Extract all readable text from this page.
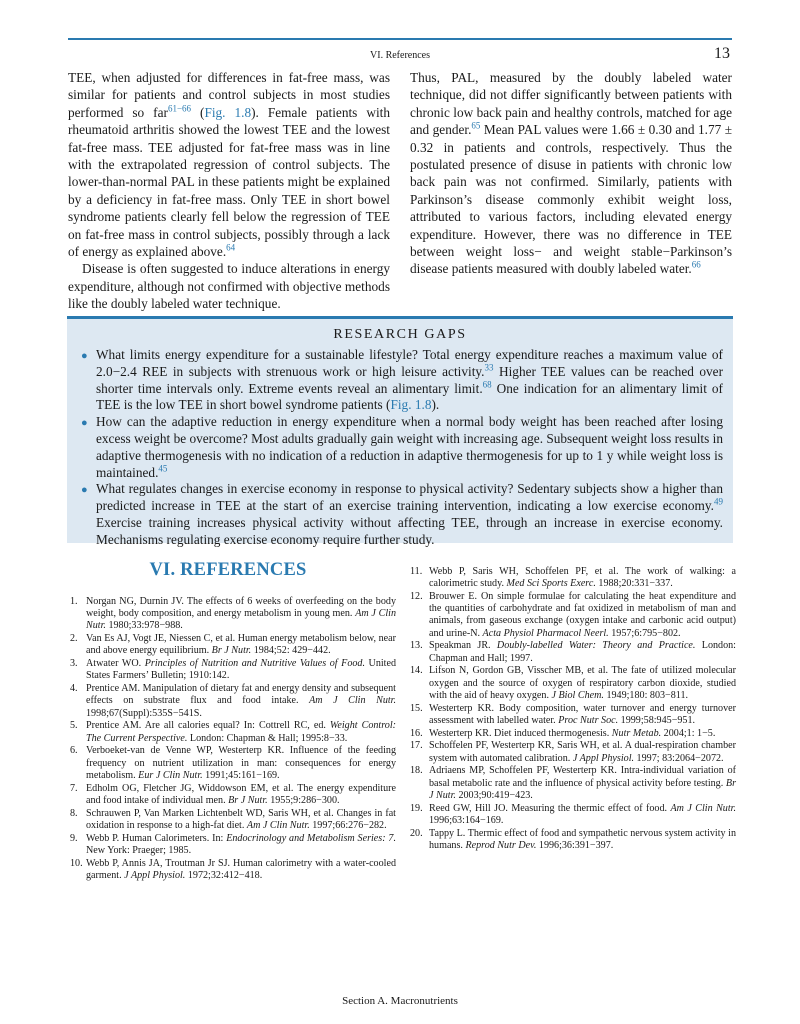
VI. References	13

TEE, when adjusted for differences in fat-free mass, was similar for patients and control subjects in most studies performed so far$^{61-66}$ (Fig. 1.8). Female patients with rheumatoid arthritis showed the lowest TEE and the lowest fat-free mass. TEE adjusted for fat-free mass was in line with the extrapolated regression of control subjects. The lower-than-normal PAL in these patients might be explained by a deficiency in fat-free mass. Only TEE in short bowel syndrome patients clearly fell below the regression of TEE on fat-free mass in control subjects, possibly through a lack of energy as explained above.$^{64}$

Disease is often suggested to induce alterations in energy expenditure, although not confirmed with objective methods like the doubly labeled water technique.

Thus, PAL, measured by the doubly labeled water technique, did not differ significantly between patients with chronic low back pain and healthy controls, matched for age and gender.$^{65}$ Mean PAL values were 1.66 ± 0.30 and 1.77 ± 0.32 in patients and controls, respectively. Thus the postulated presence of disuse in patients with chronic low back pain was not confirmed. Similarly, patients with Parkinson’s disease commonly exhibit weight loss, attributed to various factors, including elevated energy expenditure. However, there was no difference in TEE between weight loss− and weight stable−Parkinson’s disease patients measured with doubly labeled water.$^{66}$

RESEARCH GAPS
● What limits energy expenditure for a sustainable lifestyle? Total energy expenditure reaches a maximum value of 2.0−2.4 REE in subjects with strenuous work or high leisure activity.$^{33}$ Higher TEE values can be reached over shorter time intervals only. Extreme events reveal an alimentary limit.$^{68}$ One indication for an alimentary limit of TEE is the low TEE in short bowel syndrome patients (Fig. 1.8).
● How can the adaptive reduction in energy expenditure when a normal body weight has been reached after losing excess weight be overcome? Most adults gradually gain weight with increasing age. Subsequent weight loss results in adaptive thermogenesis with no indication of a reduction in adaptive thermogenesis for up to 1 y while weight loss is maintained.$^{45}$
● What regulates changes in exercise economy in response to physical activity? Sedentary subjects show a higher than predicted increase in TEE at the start of an exercise training intervention, indicating a low exercise economy.$^{49}$ Exercise training increases physical activity without affecting TEE, through an increase in exercise economy. Mechanisms regulating exercise economy require further study.
VI. REFERENCES
1. Norgan NG, Durnin JV. The effects of 6 weeks of overfeeding on the body weight, body composition, and energy metabolism in young men. Am J Clin Nutr. 1980;33:978−988.
2. Van Es AJ, Vogt JE, Niessen C, et al. Human energy metabolism below, near and above energy equilibrium. Br J Nutr. 1984;52: 429−442.
3. Atwater WO. Principles of Nutrition and Nutritive Values of Food. United States Farmers’ Bulletin; 1910:142.
4. Prentice AM. Manipulation of dietary fat and energy density and subsequent effects on substrate flux and food intake. Am J Clin Nutr. 1998;67(Suppl):535S−541S.
5. Prentice AM. Are all calories equal? In: Cottrell RC, ed. Weight Control: The Current Perspective. London: Chapman & Hall; 1995:8−33.
6. Verboeket-van de Venne WP, Westerterp KR. Influence of the feeding frequency on nutrient utilization in man: consequences for energy metabolism. Eur J Clin Nutr. 1991;45:161−169.
7. Edholm OG, Fletcher JG, Widdowson EM, et al. The energy expenditure and food intake of individual men. Br J Nutr. 1955;9:286−300.
8. Schrauwen P, Van Marken Lichtenbelt WD, Saris WH, et al. Changes in fat oxidation in response to a high-fat diet. Am J Clin Nutr. 1997;66:276−282.
9. Webb P. Human Calorimeters. In: Endocrinology and Metabolism Series: 7. New York: Praeger; 1985.
10. Webb P, Annis JA, Troutman Jr SJ. Human calorimetry with a water-cooled garment. J Appl Physiol. 1972;32:412−418.
11. Webb P, Saris WH, Schoffelen PF, et al. The work of walking: a calorimetric study. Med Sci Sports Exerc. 1988;20:331−337.
12. Brouwer E. On simple formulae for calculating the heat expenditure and the quantities of carbohydrate and fat oxidized in metabolism of man and animals, from gaseous exchange (oxygen intake and carbonic acid output) and urine-N. Acta Physiol Pharmacol Neerl. 1957;6:795−802.
13. Speakman JR. Doubly-labelled Water: Theory and Practice. London: Chapman and Hall; 1997.
14. Lifson N, Gordon GB, Visscher MB, et al. The fate of utilized molecular oxygen and the source of oxygen of respiratory carbon dioxide, studied with the aid of heavy oxygen. J Biol Chem. 1949;180: 803−811.
15. Westerterp KR. Body composition, water turnover and energy turnover assessment with labelled water. Proc Nutr Soc. 1999;58:945−951.
16. Westerterp KR. Diet induced thermogenesis. Nutr Metab. 2004;1: 1−5.
17. Schoffelen PF, Westerterp KR, Saris WH, et al. A dual-respiration chamber system with automated calibration. J Appl Physiol. 1997; 83:2064−2072.
18. Adriaens MP, Schoffelen PF, Westerterp KR. Intra-individual variation of basal metabolic rate and the influence of physical activity before testing. Br J Nutr. 2003;90:419−423.
19. Reed GW, Hill JO. Measuring the thermic effect of food. Am J Clin Nutr. 1996;63:164−169.
20. Tappy L. Thermic effect of food and sympathetic nervous system activity in humans. Reprod Nutr Dev. 1996;36:391−397.
Section A. Macronutrients
